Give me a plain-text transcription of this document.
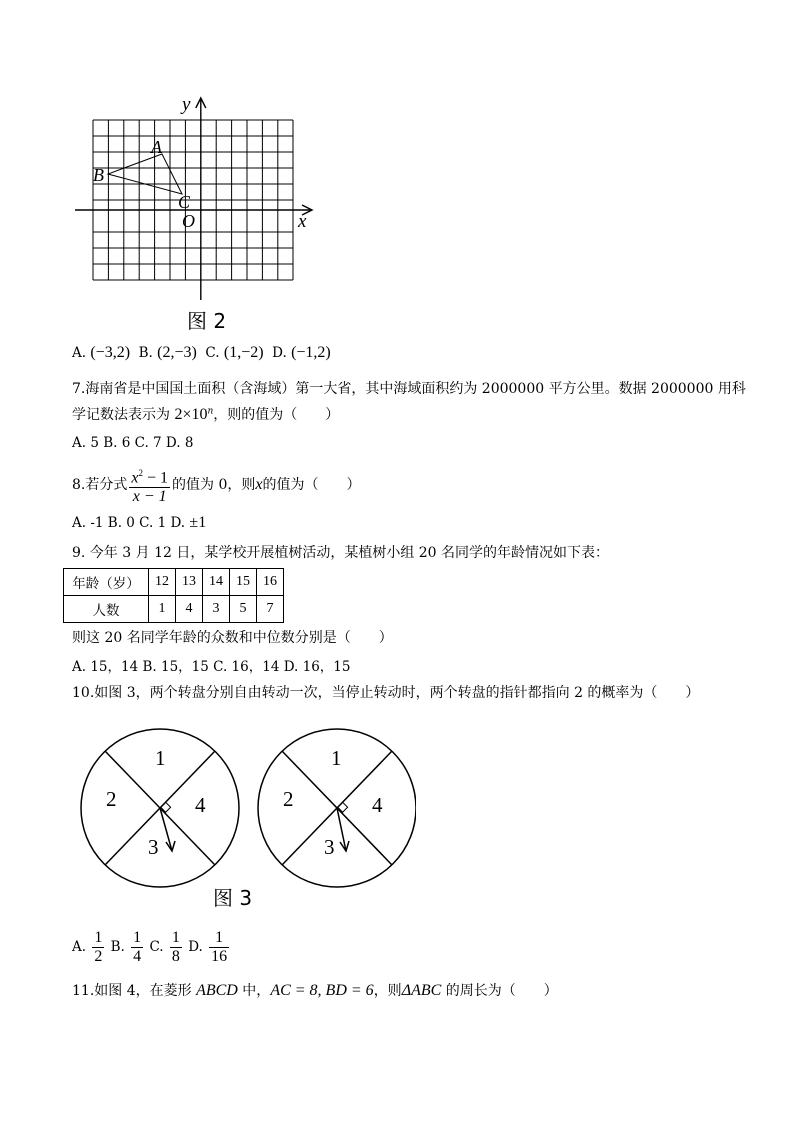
y
x
A
B
C
O
图 2
A. (−3,2) B. (2,−3) C. (1,−2) D. (−1,2)
7.海南省是中国国土面积（含海域）第一大省，其中海域面积约为 2000000 平方公里。数据 2000000 用科
学记数法表示为 $2\times 10^n$，则的值为（　　）
A. 5 B. 6 C. 7 D. 8
8.若分式 $\frac{x^2 - 1}{x - 1}$ 的值为 0，则x的值为（　　）
A. -1 B. 0 C. 1 D. ±1
9. 今年 3 月 12 日，某学校开展植树活动，某植树小组 20 名同学的年龄情况如下表：
年龄（岁）	12	13	14	15	16
人数	1	4	3	5	7
则这 20 名同学年龄的众数和中位数分别是（　　）
A. 15，14 B. 15，15 C. 16，14 D. 16，15
10.如图 3，两个转盘分别自由转动一次，当停止转动时，两个转盘的指针都指向 2 的概率为（　　）
1
2
3
4
1
2
3
4
图 3
A. $\frac{1}{2} B$. $\frac{1}{4} C$. $\frac{1}{8} D$. $\frac{1}{16}$
11.如图 4，在菱形 ABCD 中，AC = 8, BD = 6，则ΔABC 的周长为（　　）
